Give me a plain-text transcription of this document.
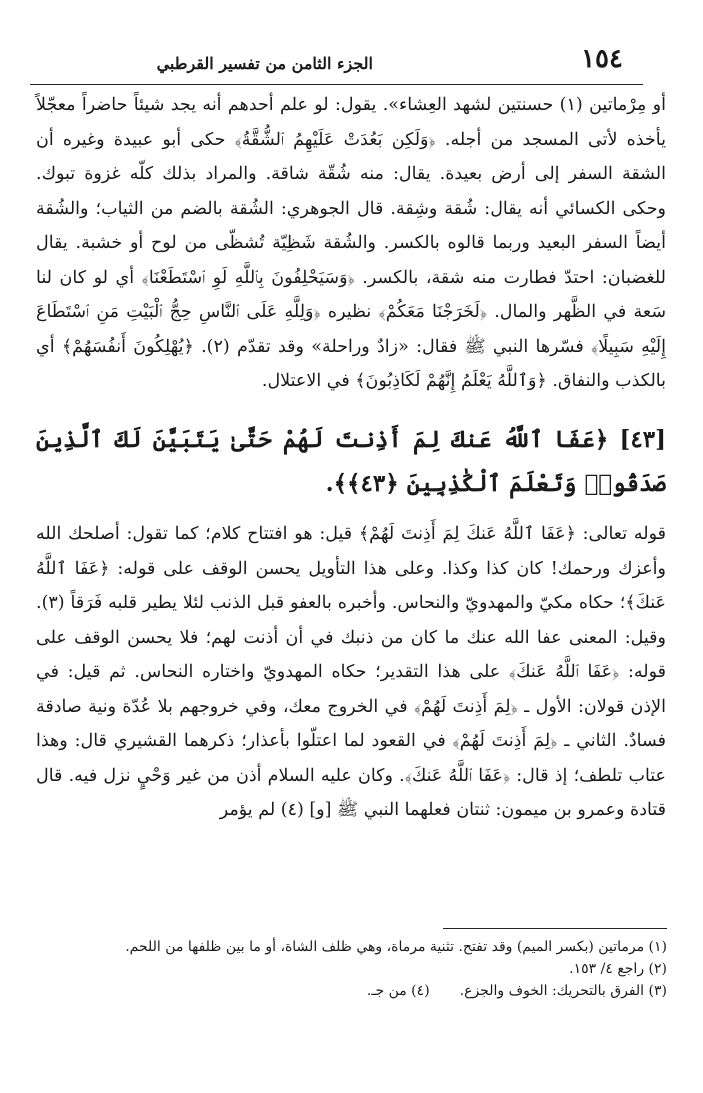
١٥٤
الجزء الثامن من تفسير القرطبي

أو مِرْماتين (١) حسنتين لشهد العِشاء». يقول: لو علم أحدهم أنه يجد شيئاً حاضراً معجّلاً يأخذه لأتى المسجد من أجله. ﴿وَلَكِن بَعُدَتْ عَلَيْهِمُ ٱلشُّقَّةُ﴾ حكى أبو عبيدة وغيره أن الشقة السفر إلى أرض بعيدة. يقال: منه شُقّة شاقة. والمراد بذلك كلّه غزوة تبوك. وحكى الكسائي أنه يقال: شُقة وشِقة. قال الجوهري: الشُقة بالضم من الثياب؛ والشُقة أيضاً السفر البعيد وربما قالوه بالكسر. والشُقة شَظِيّة تُشظّى من لوح أو خشبة. يقال للغضبان: احتدّ فطارت منه شقة، بالكسر. ﴿وَسَيَحْلِفُونَ بِٱللَّهِ لَوِ ٱسْتَطَعْنَا﴾ أي لو كان لنا سَعة في الظَّهر والمال. ﴿لَخَرَجْنَا مَعَكُمْ﴾ نظيره ﴿وَلِلَّهِ عَلَى ٱلنَّاسِ حِجُّ ٱلْبَيْتِ مَنِ ٱسْتَطَاعَ إِلَيْهِ سَبِيلًا﴾ فسّرها النبي ﷺ فقال: «زادٌ وراحلة» وقد تقدّم (٢). ﴿يُهْلِكُونَ أَنفُسَهُمْ﴾ أي بالكذب والنفاق. ﴿وَٱللَّهُ يَعْلَمُ إِنَّهُمْ لَكَاذِبُونَ﴾ في الاعتلال.

[٤٣] ﴿عَفَا ٱللَّهُ عَنكَ لِمَ أَذِنتَ لَهُمْ حَتَّىٰ يَتَبَيَّنَ لَكَ ٱلَّذِينَ صَدَقُوا۟ وَتَعْلَمَ ٱلْكَٰذِبِينَ ﴿٤٣﴾﴾.

قوله تعالى: ﴿عَفَا ٱللَّهُ عَنكَ لِمَ أَذِنتَ لَهُمْ﴾ قيل: هو افتتاح كلام؛ كما تقول: أصلحك الله وأعزك ورحمك! كان كذا وكذا. وعلى هذا التأويل يحسن الوقف على قوله: ﴿عَفَا ٱللَّهُ عَنكَ﴾؛ حكاه مكيّ والمهدويّ والنحاس. وأخبره بالعفو قبل الذنب لئلا يطير قلبه فَرَقاً (٣). وقيل: المعنى عفا الله عنك ما كان من ذنبك في أن أذنت لهم؛ فلا يحسن الوقف على قوله: ﴿عَفَا ٱللَّهُ عَنكَ﴾ على هذا التقدير؛ حكاه المهدويّ واختاره النحاس. ثم قيل: في الإذن قولان: الأول ـ ﴿لِمَ أَذِنتَ لَهُمْ﴾ في الخروج معك، وفي خروجهم بلا عُدّة ونية صادقة فسادٌ. الثاني ـ ﴿لِمَ أَذِنتَ لَهُمْ﴾ في القعود لما اعتلّوا بأعذار؛ ذكرهما القشيري قال: وهذا عتاب تلطف؛ إذ قال: ﴿عَفَا ٱللَّهُ عَنكَ﴾. وكان عليه السلام أذن من غير وَحْيٍ نزل فيه. قال قتادة وعمرو بن ميمون: ثنتان فعلهما النبي ﷺ [و] (٤) لم يؤمر

(١) مرماتين (بكسر الميم) وقد تفتح. تثنية مرماة، وهي ظلف الشاة، أو ما بين ظلفها من اللحم.
(٢) راجع ٤/ ١٥٣.
(٣) الفرق بالتحريك: الخوف والجزع.(٤) من جـ.
